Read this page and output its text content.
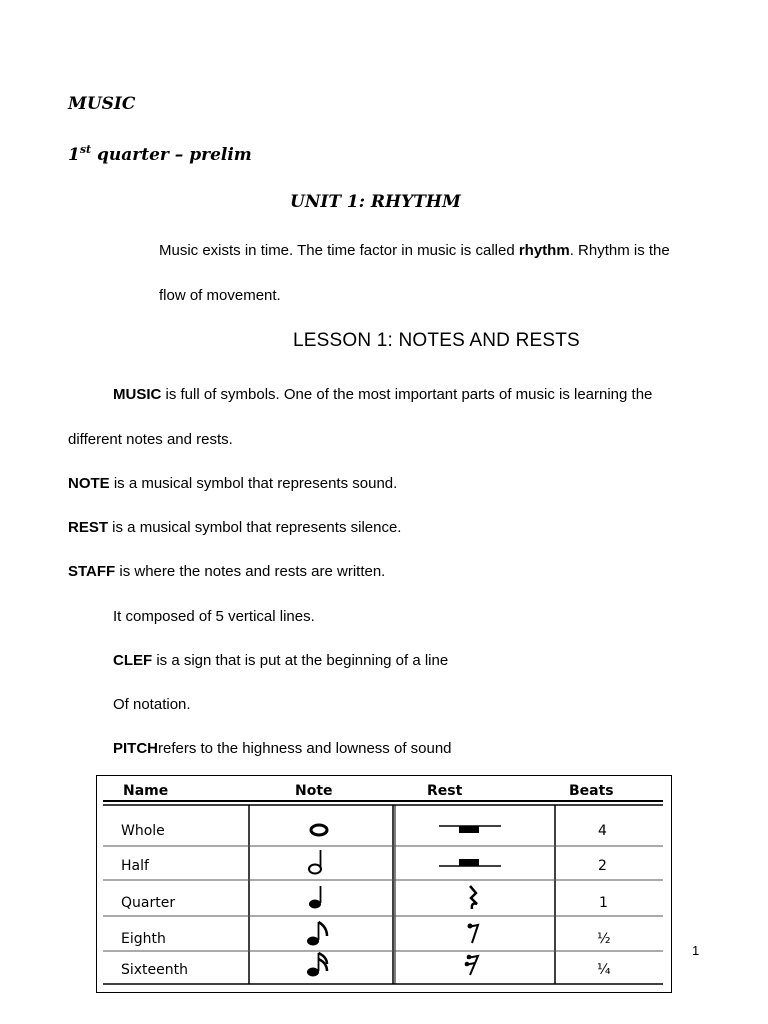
MUSIC
1st quarter – prelim
UNIT 1: RHYTHM
Music exists in time. The time factor in music is called rhythm. Rhythm is the
flow of movement.
LESSON 1: NOTES AND RESTS
MUSIC is full of symbols. One of the most important parts of music is learning the
different notes and rests.
NOTE is a musical symbol that represents sound.
REST is a musical symbol that represents silence.
STAFF is where the notes and rests are written.
It composed of 5 vertical lines.
CLEF is a sign that is put at the beginning of a line
Of notation.
PITCHrefers to the highness and lowness of sound
Name	Note	Rest	Beats
Whole	4
Half	2
Quarter	1
Eighth	½
Sixteenth	¼
1
